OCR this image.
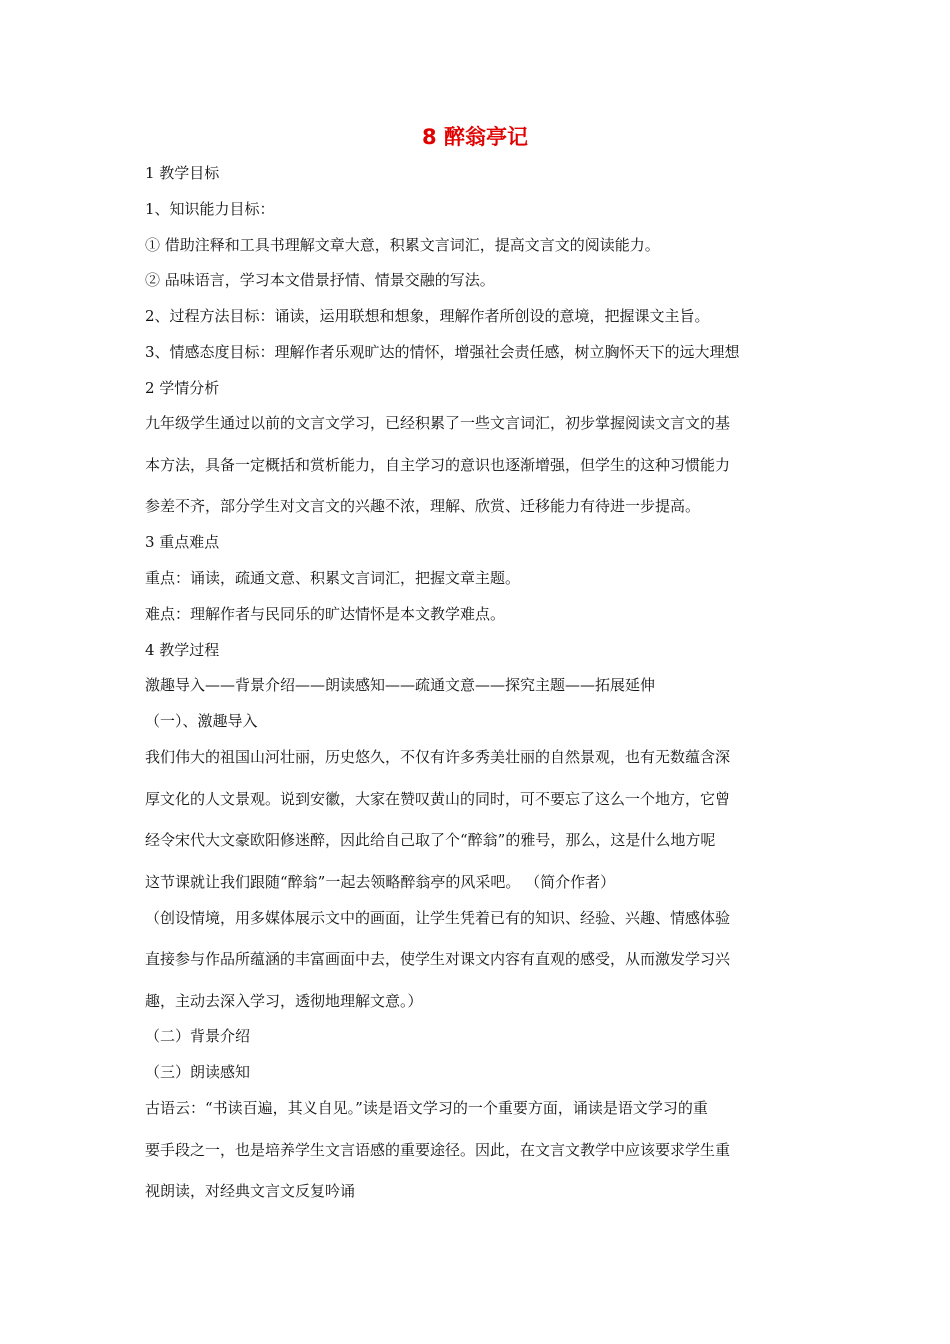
8 醉翁亭记
1 教学目标
1、知识能力目标：
① 借助注释和工具书理解文章大意，积累文言词汇，提高文言文的阅读能力。
② 品味语言，学习本文借景抒情、情景交融的写法。
2、过程方法目标：诵读，运用联想和想象，理解作者所创设的意境，把握课文主旨。
3、情感态度目标：理解作者乐观旷达的情怀，增强社会责任感，树立胸怀天下的远大理想
2 学情分析
九年级学生通过以前的文言文学习，已经积累了一些文言词汇，初步掌握阅读文言文的基
本方法，具备一定概括和赏析能力，自主学习的意识也逐渐增强，但学生的这种习惯能力
参差不齐，部分学生对文言文的兴趣不浓，理解、欣赏、迁移能力有待进一步提高。
3 重点难点
重点：诵读，疏通文意、积累文言词汇，把握文章主题。
难点：理解作者与民同乐的旷达情怀是本文教学难点。
4 教学过程
激趣导入——背景介绍——朗读感知——疏通文意——探究主题——拓展延伸
（一）、激趣导入
我们伟大的祖国山河壮丽，历史悠久，不仅有许多秀美壮丽的自然景观，也有无数蕴含深
厚文化的人文景观。说到安徽，大家在赞叹黄山的同时，可不要忘了这么一个地方，它曾
经令宋代大文豪欧阳修迷醉，因此给自己取了个“醉翁”的雅号，那么，这是什么地方呢
这节课就让我们跟随“醉翁”一起去领略醉翁亭的风采吧。 （简介作者）
（创设情境，用多媒体展示文中的画面，让学生凭着已有的知识、经验、兴趣、情感体验
直接参与作品所蕴涵的丰富画面中去，使学生对课文内容有直观的感受，从而激发学习兴
趣，主动去深入学习，透彻地理解文意。）
（二）背景介绍
（三）朗读感知
古语云：“书读百遍，其义自见。”读是语文学习的一个重要方面，诵读是语文学习的重
要手段之一，也是培养学生文言语感的重要途径。因此，在文言文教学中应该要求学生重
视朗读，对经典文言文反复吟诵
